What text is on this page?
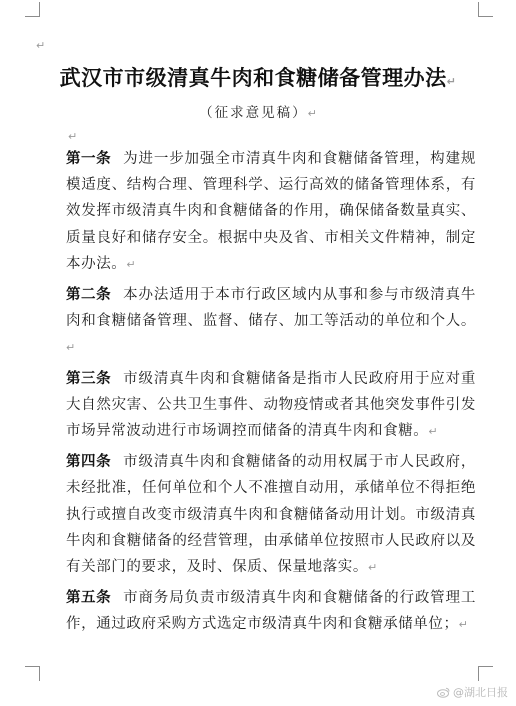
↵
武汉市市级清真牛肉和食糖储备管理办法↵
（征求意见稿）↵
↵

第一条 为进一步加强全市清真牛肉和食糖储备管理，构建规模适度、结构合理、管理科学、运行高效的储备管理体系，有效发挥市级清真牛肉和食糖储备的作用，确保储备数量真实、质量良好和储存安全。根据中央及省、市相关文件精神，制定本办法。↵

第二条 本办法适用于本市行政区域内从事和参与市级清真牛肉和食糖储备管理、监督、储存、加工等活动的单位和个人。↵

第三条 市级清真牛肉和食糖储备是指市人民政府用于应对重大自然灾害、公共卫生事件、动物疫情或者其他突发事件引发市场异常波动进行市场调控而储备的清真牛肉和食糖。↵

第四条 市级清真牛肉和食糖储备的动用权属于市人民政府，未经批准，任何单位和个人不准擅自动用，承储单位不得拒绝执行或擅自改变市级清真牛肉和食糖储备动用计划。市级清真牛肉和食糖储备的经营管理，由承储单位按照市人民政府以及有关部门的要求，及时、保质、保量地落实。↵

第五条 市商务局负责市级清真牛肉和食糖储备的行政管理工作，通过政府采购方式选定市级清真牛肉和食糖承储单位；↵

@湖北日报
